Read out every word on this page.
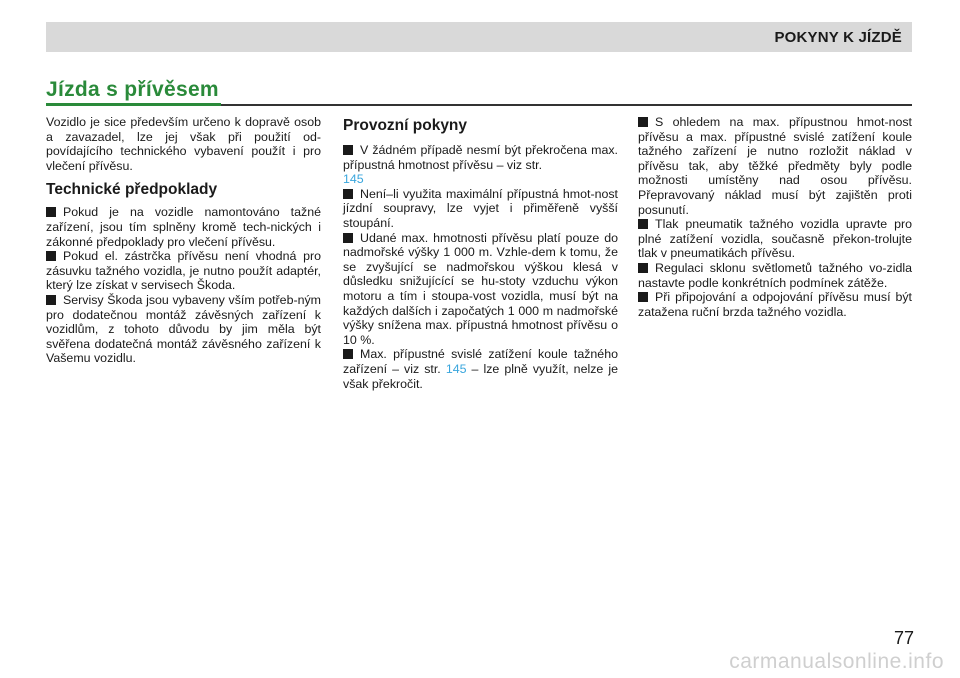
POKYNY K JÍZDĚ
Jízda s přívěsem

Vozidlo je sice především určeno k dopravě osob a zavazadel, lze jej však při použití od-povídajícího technického vybavení použít i pro vlečení přívěsu.

Technické předpoklady

Pokud je na vozidle namontováno tažné zařízení, jsou tím splněny kromě tech-nických i zákonné předpoklady pro vlečení přívěsu.

Pokud el. zástrčka přívěsu není vhodná pro zásuvku tažného vozidla, je nutno použít adaptér, který lze získat v servisech Škoda.

Servisy Škoda jsou vybaveny vším potřeb-ným pro dodatečnou montáž závěsných zařízení k vozidlům, z tohoto důvodu by jim měla být svěřena dodatečná montáž závěsného zařízení k Vašemu vozidlu.

Provozní pokyny

V žádném případě nesmí být překročena max. přípustná hmotnost přívěsu – viz str.
145

Není–li využita maximální přípustná hmot-nost jízdní soupravy, lze vyjet i přiměřeně vyšší stoupání.

Udané max. hmotnosti přívěsu platí pouze do nadmořské výšky 1 000 m. Vzhle-dem k tomu, že se zvyšující se nadmořskou výškou klesá v důsledku snižujícící se hu-stoty vzduchu výkon motoru a tím i stoupa-vost vozidla, musí být na každých dalších i započatých 1 000 m nadmořské výšky snížena max. přípustná hmotnost přívěsu o 10 %.

Max. přípustné svislé zatížení koule tažného zařízení – viz str. 145 – lze plně využít, nelze je však překročit.

S ohledem na max. přípustnou hmot-nost přívěsu a max. přípustné svislé zatížení koule tažného zařízení je nutno rozložit náklad v přívěsu tak, aby těžké předměty byly podle možnosti umístěny nad osou přívěsu. Přepravovaný náklad musí být zajištěn proti posunutí.

Tlak pneumatik tažného vozidla upravte pro plné zatížení vozidla, současně překon-trolujte tlak v pneumatikách přívěsu.

Regulaci sklonu světlometů tažného vo-zidla nastavte podle konkrétních podmínek zátěže.

Při připojování a odpojování přívěsu musí být zatažena ruční brzda tažného vozidla.

77
carmanualsonline.info
